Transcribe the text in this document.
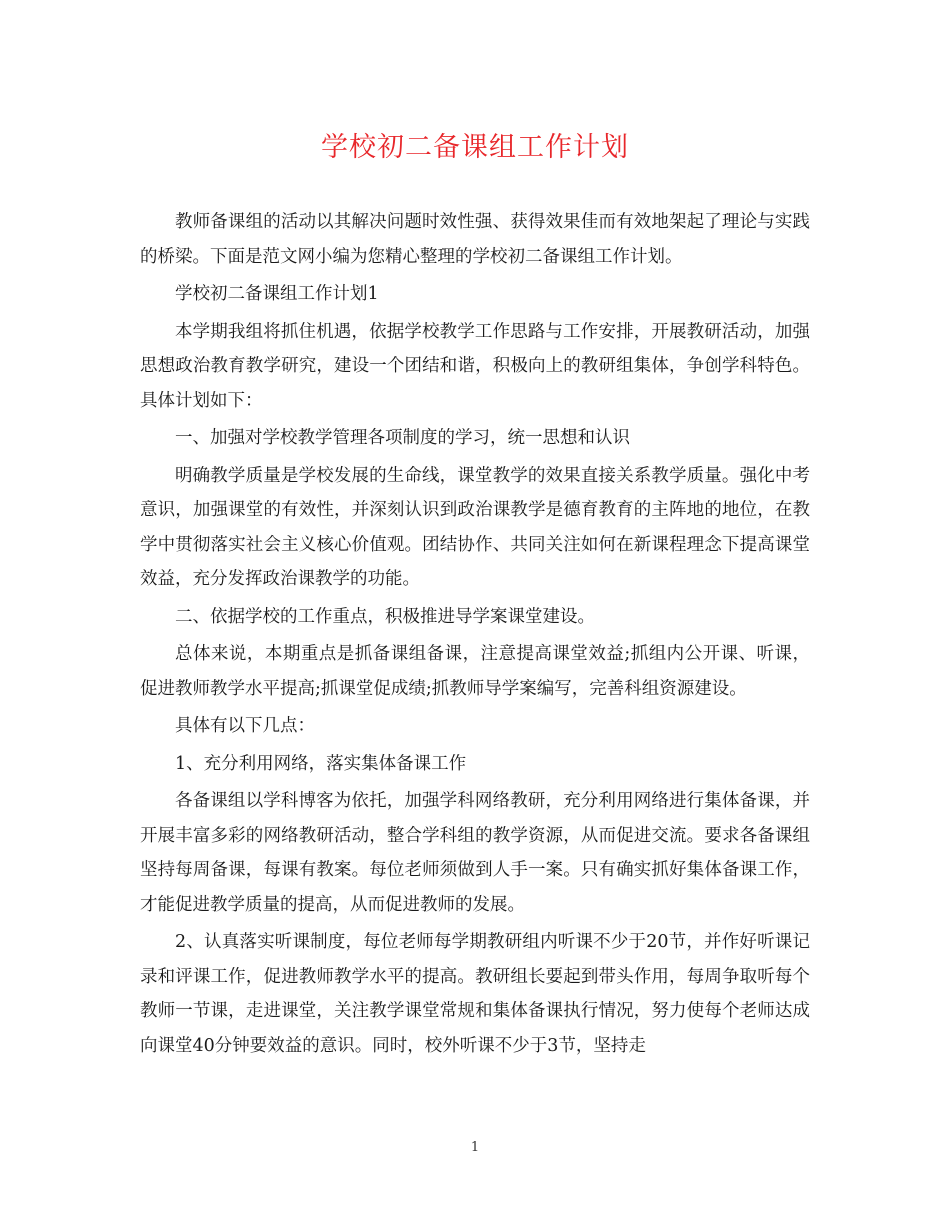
学校初二备课组工作计划

教师备课组的活动以其解决问题时效性强、获得效果佳而有效地架起了理论与实践的桥梁。下面是范文网小编为您精心整理的学校初二备课组工作计划。

学校初二备课组工作计划1

本学期我组将抓住机遇，依据学校教学工作思路与工作安排，开展教研活动，加强思想政治教育教学研究，建设一个团结和谐，积极向上的教研组集体，争创学科特色。具体计划如下：

一、加强对学校教学管理各项制度的学习，统一思想和认识

明确教学质量是学校发展的生命线，课堂教学的效果直接关系教学质量。强化中考意识，加强课堂的有效性，并深刻认识到政治课教学是德育教育的主阵地的地位，在教学中贯彻落实社会主义核心价值观。团结协作、共同关注如何在新课程理念下提高课堂效益，充分发挥政治课教学的功能。

二、依据学校的工作重点，积极推进导学案课堂建设。

总体来说，本期重点是抓备课组备课，注意提高课堂效益;抓组内公开课、听课，促进教师教学水平提高;抓课堂促成绩;抓教师导学案编写，完善科组资源建设。

具体有以下几点：

1、充分利用网络，落实集体备课工作

各备课组以学科博客为依托，加强学科网络教研，充分利用网络进行集体备课，并开展丰富多彩的网络教研活动，整合学科组的教学资源，从而促进交流。要求各备课组坚持每周备课，每课有教案。每位老师须做到人手一案。只有确实抓好集体备课工作，才能促进教学质量的提高，从而促进教师的发展。

2、认真落实听课制度，每位老师每学期教研组内听课不少于20节，并作好听课记录和评课工作，促进教师教学水平的提高。教研组长要起到带头作用，每周争取听每个教师一节课，走进课堂，关注教学课堂常规和集体备课执行情况，努力使每个老师达成向课堂40分钟要效益的意识。同时，校外听课不少于3节，坚持走

1
